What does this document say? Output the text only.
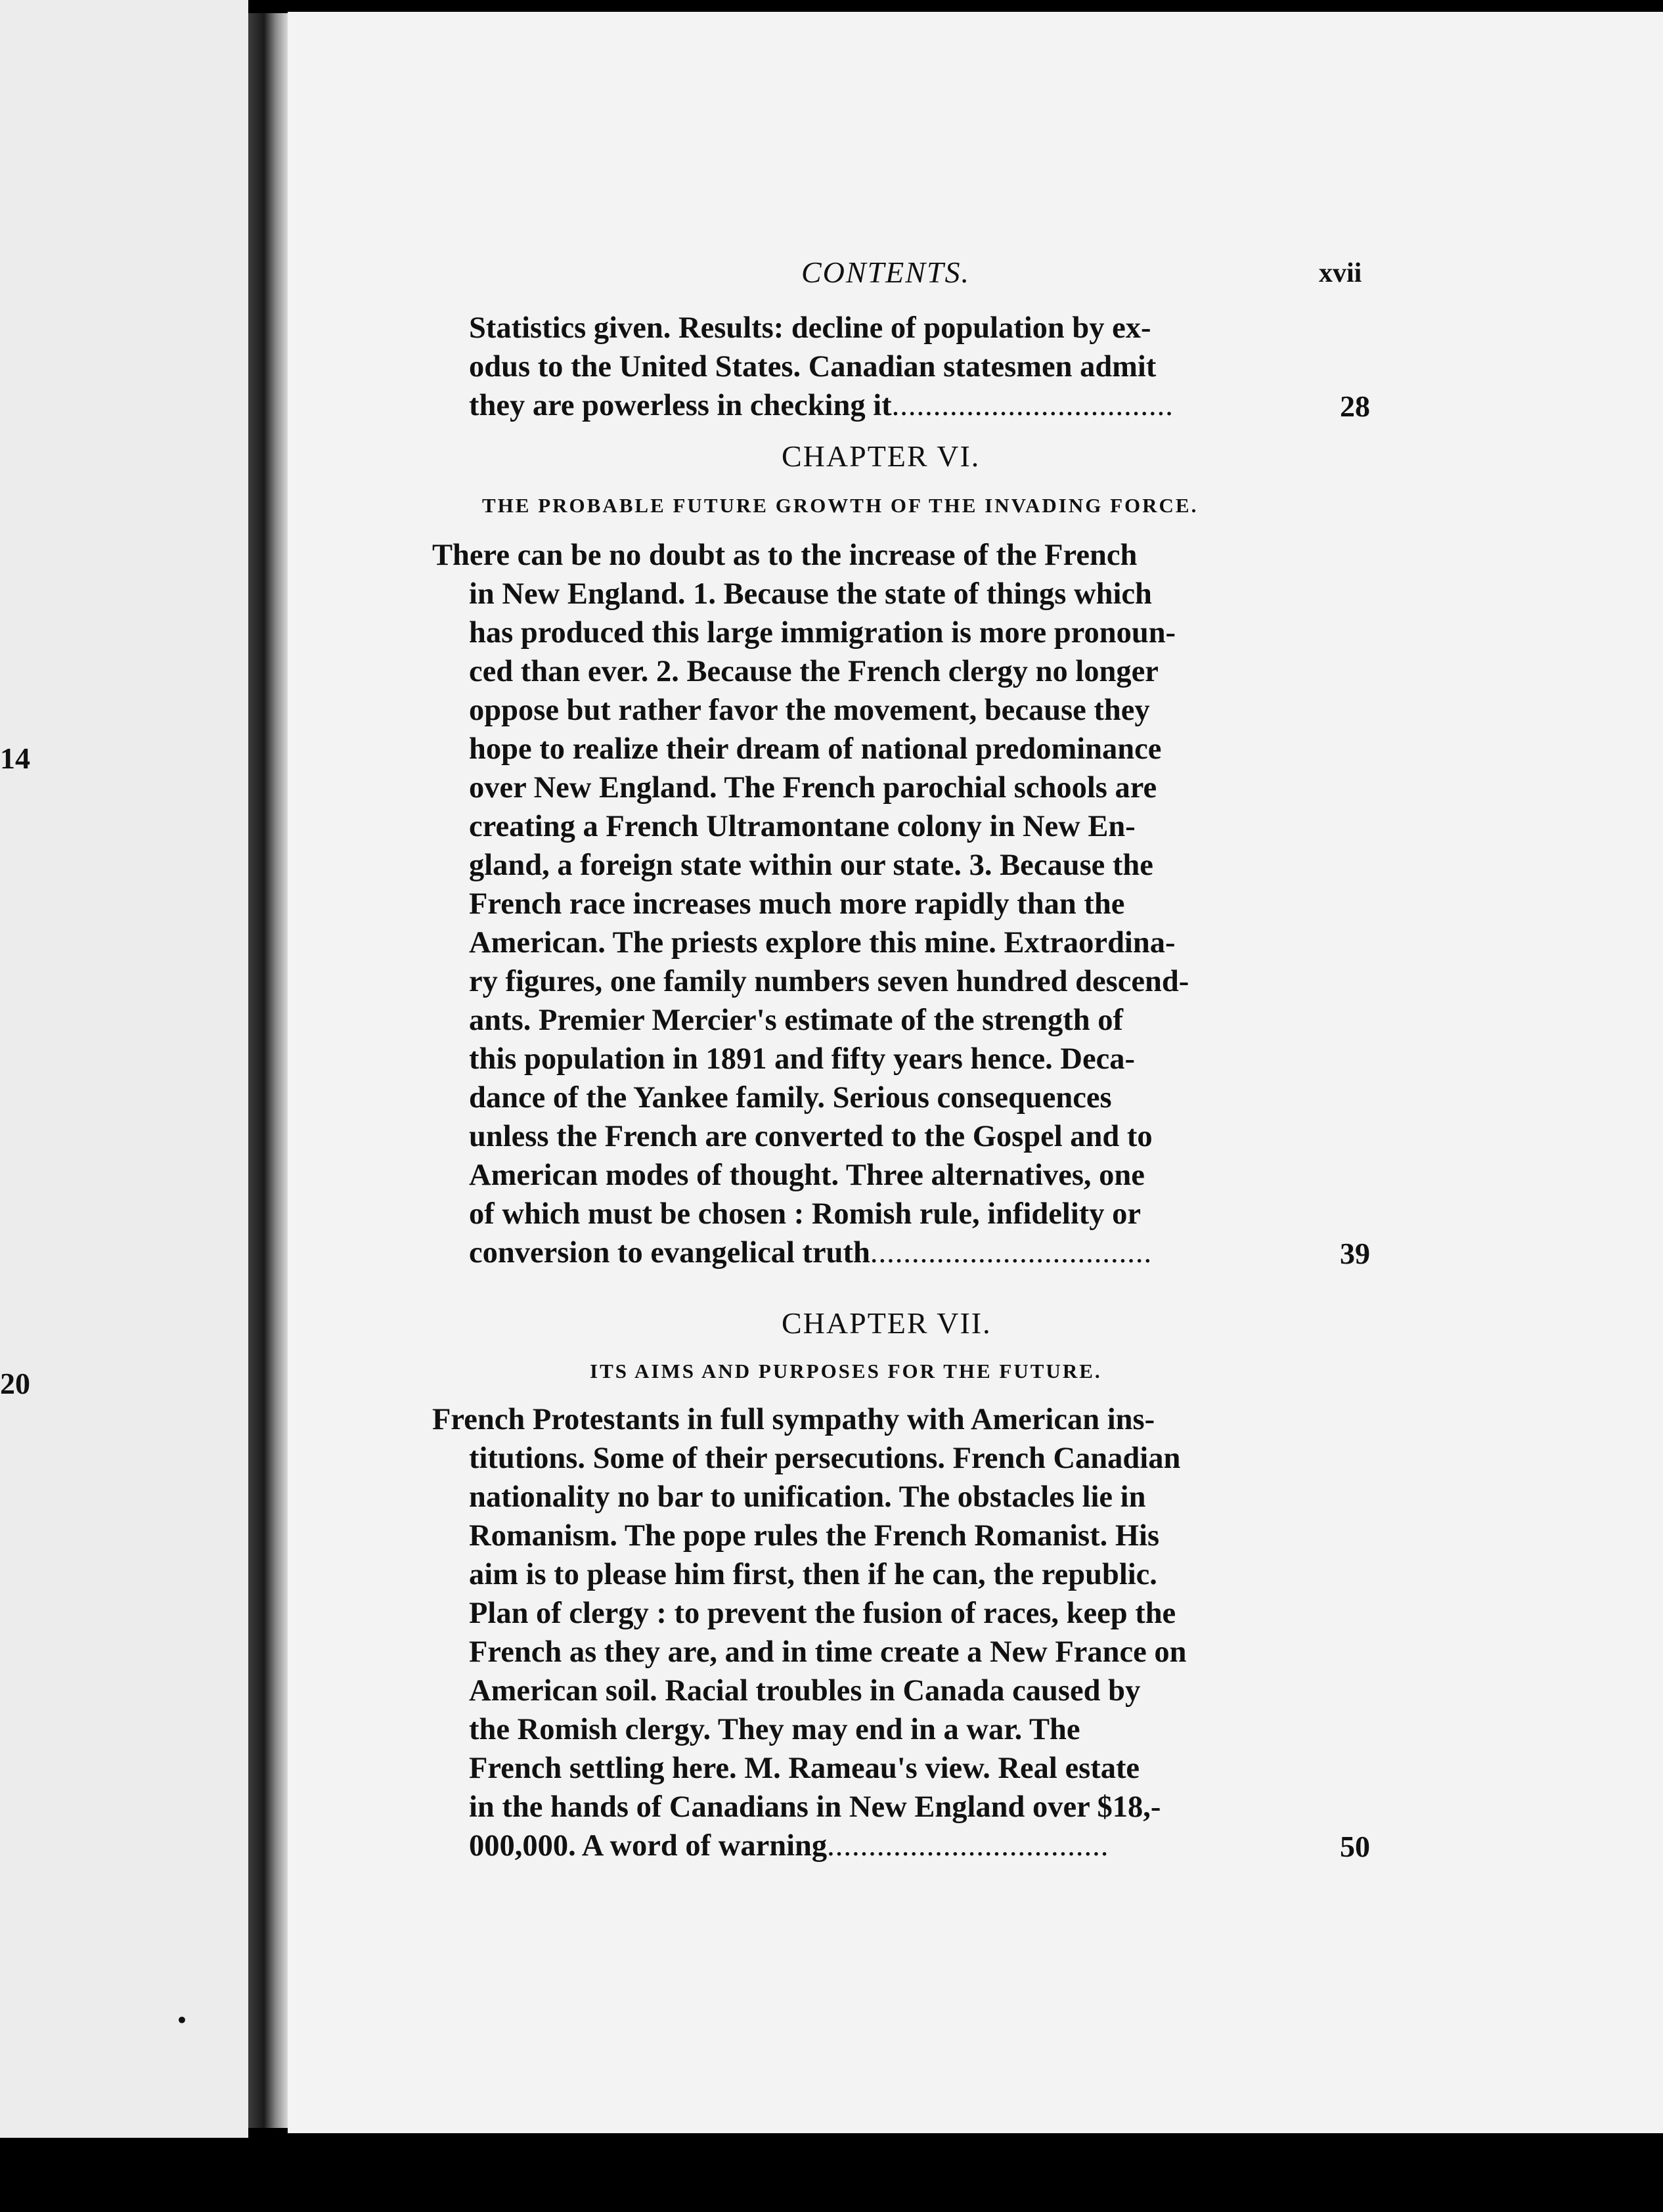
14
20
•
CONTENTS.	xvii
Statistics given. Results: decline of population by ex-
odus to the United States. Canadian statesmen admit
they are powerless in checking it..................................	28
CHAPTER VI.
THE PROBABLE FUTURE GROWTH OF THE INVADING FORCE.
There can be no doubt as to the increase of the French
in New England. 1. Because the state of things which
has produced this large immigration is more pronoun-
ced than ever. 2. Because the French clergy no longer
oppose but rather favor the movement, because they
hope to realize their dream of national predominance
over New England. The French parochial schools are
creating a French Ultramontane colony in New En-
gland, a foreign state within our state. 3. Because the
French race increases much more rapidly than the
American. The priests explore this mine. Extraordina-
ry figures, one family numbers seven hundred descend-
ants. Premier Mercier's estimate of the strength of
this population in 1891 and fifty years hence. Deca-
dance of the Yankee family. Serious consequences
unless the French are converted to the Gospel and to
American modes of thought. Three alternatives, one
of which must be chosen : Romish rule, infidelity or
conversion to evangelical truth..................................	39
CHAPTER VII.
ITS AIMS AND PURPOSES FOR THE FUTURE.
French Protestants in full sympathy with American ins-
titutions. Some of their persecutions. French Canadian
nationality no bar to unification. The obstacles lie in
Romanism. The pope rules the French Romanist. His
aim is to please him first, then if he can, the republic.
Plan of clergy : to prevent the fusion of races, keep the
French as they are, and in time create a New France on
American soil. Racial troubles in Canada caused by
the Romish clergy. They may end in a war. The
French settling here. M. Rameau's view. Real estate
in the hands of Canadians in New England over $18,-
000,000. A word of warning..................................	50
